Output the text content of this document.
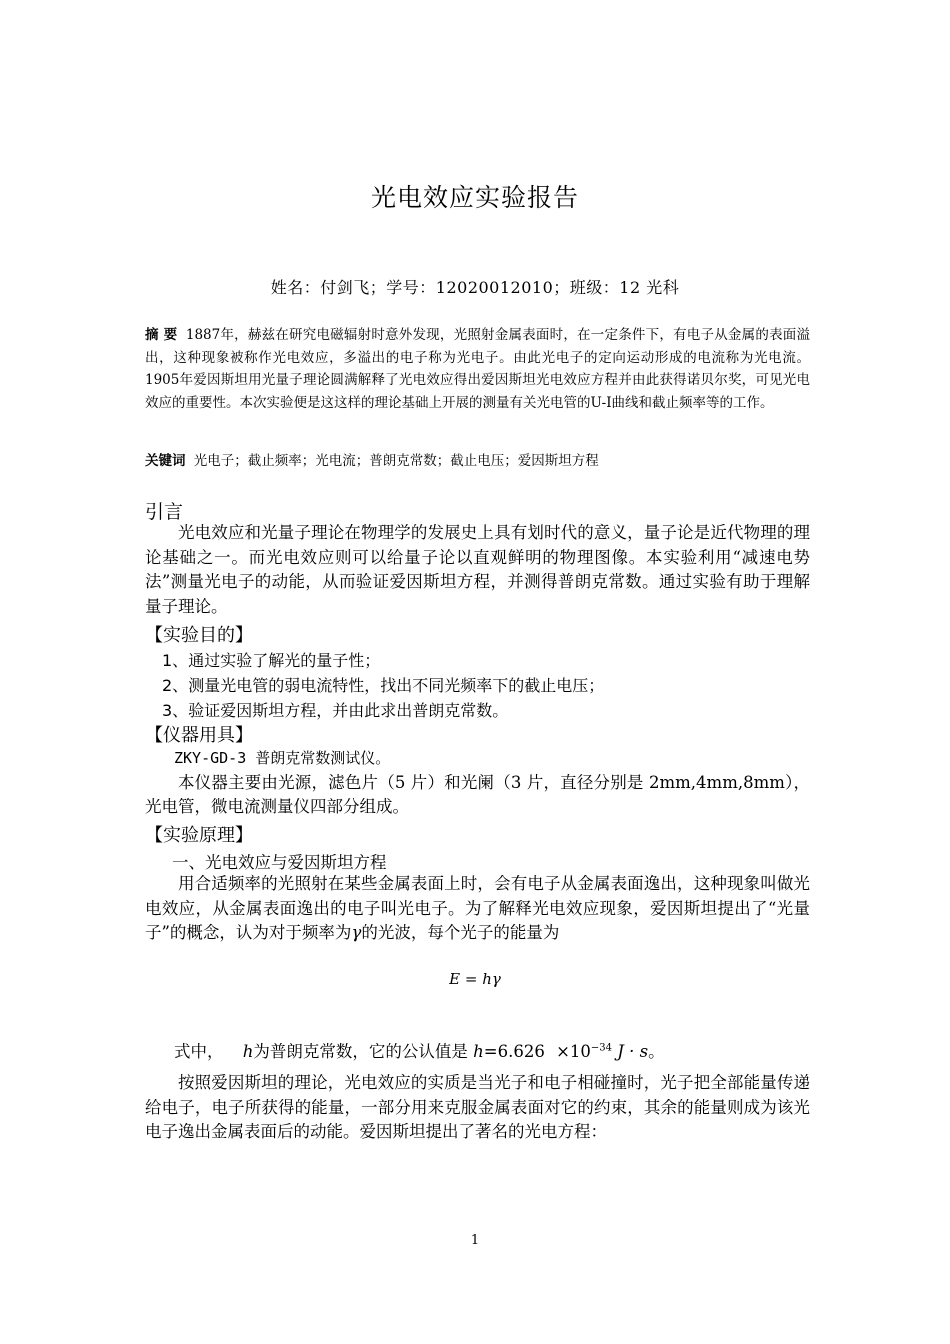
光电效应实验报告
姓名：付剑飞；学号：12020012010；班级：12 光科
摘 要 1887年，赫兹在研究电磁辐射时意外发现，光照射金属表面时，在一定条件下，有电子从金属的表面溢出，这种现象被称作光电效应，多溢出的电子称为光电子。由此光电子的定向运动形成的电流称为光电流。1905年爱因斯坦用光量子理论圆满解释了光电效应得出爱因斯坦光电效应方程并由此获得诺贝尔奖，可见光电效应的重要性。本次实验便是这这样的理论基础上开展的测量有关光电管的U-I曲线和截止频率等的工作。
关键词 光电子；截止频率；光电流；普朗克常数；截止电压；爱因斯坦方程
引言
光电效应和光量子理论在物理学的发展史上具有划时代的意义，量子论是近代物理的理论基础之一。而光电效应则可以给量子论以直观鲜明的物理图像。本实验利用“减速电势法”测量光电子的动能，从而验证爱因斯坦方程，并测得普朗克常数。通过实验有助于理解量子理论。
【实验目的】
1、通过实验了解光的量子性；
2、测量光电管的弱电流特性，找出不同光频率下的截止电压；
3、验证爱因斯坦方程，并由此求出普朗克常数。
【仪器用具】
ZKY-GD-3 普朗克常数测试仪。
本仪器主要由光源，滤色片（5 片）和光阑（3 片，直径分别是 2mm,4mm,8mm），光电管，微电流测量仪四部分组成。
【实验原理】
一、光电效应与爱因斯坦方程
用合适频率的光照射在某些金属表面上时，会有电子从金属表面逸出，这种现象叫做光电效应，从金属表面逸出的电子叫光电子。为了解释光电效应现象，爱因斯坦提出了“光量子”的概念，认为对于频率为γ的光波，每个光子的能量为
E = hγ
式中， h为普朗克常数，它的公认值是 $h=6.626 \times 10^{-34}$ J · s。
按照爱因斯坦的理论，光电效应的实质是当光子和电子相碰撞时，光子把全部能量传递给电子，电子所获得的能量，一部分用来克服金属表面对它的约束，其余的能量则成为该光电子逸出金属表面后的动能。爱因斯坦提出了著名的光电方程：
1
